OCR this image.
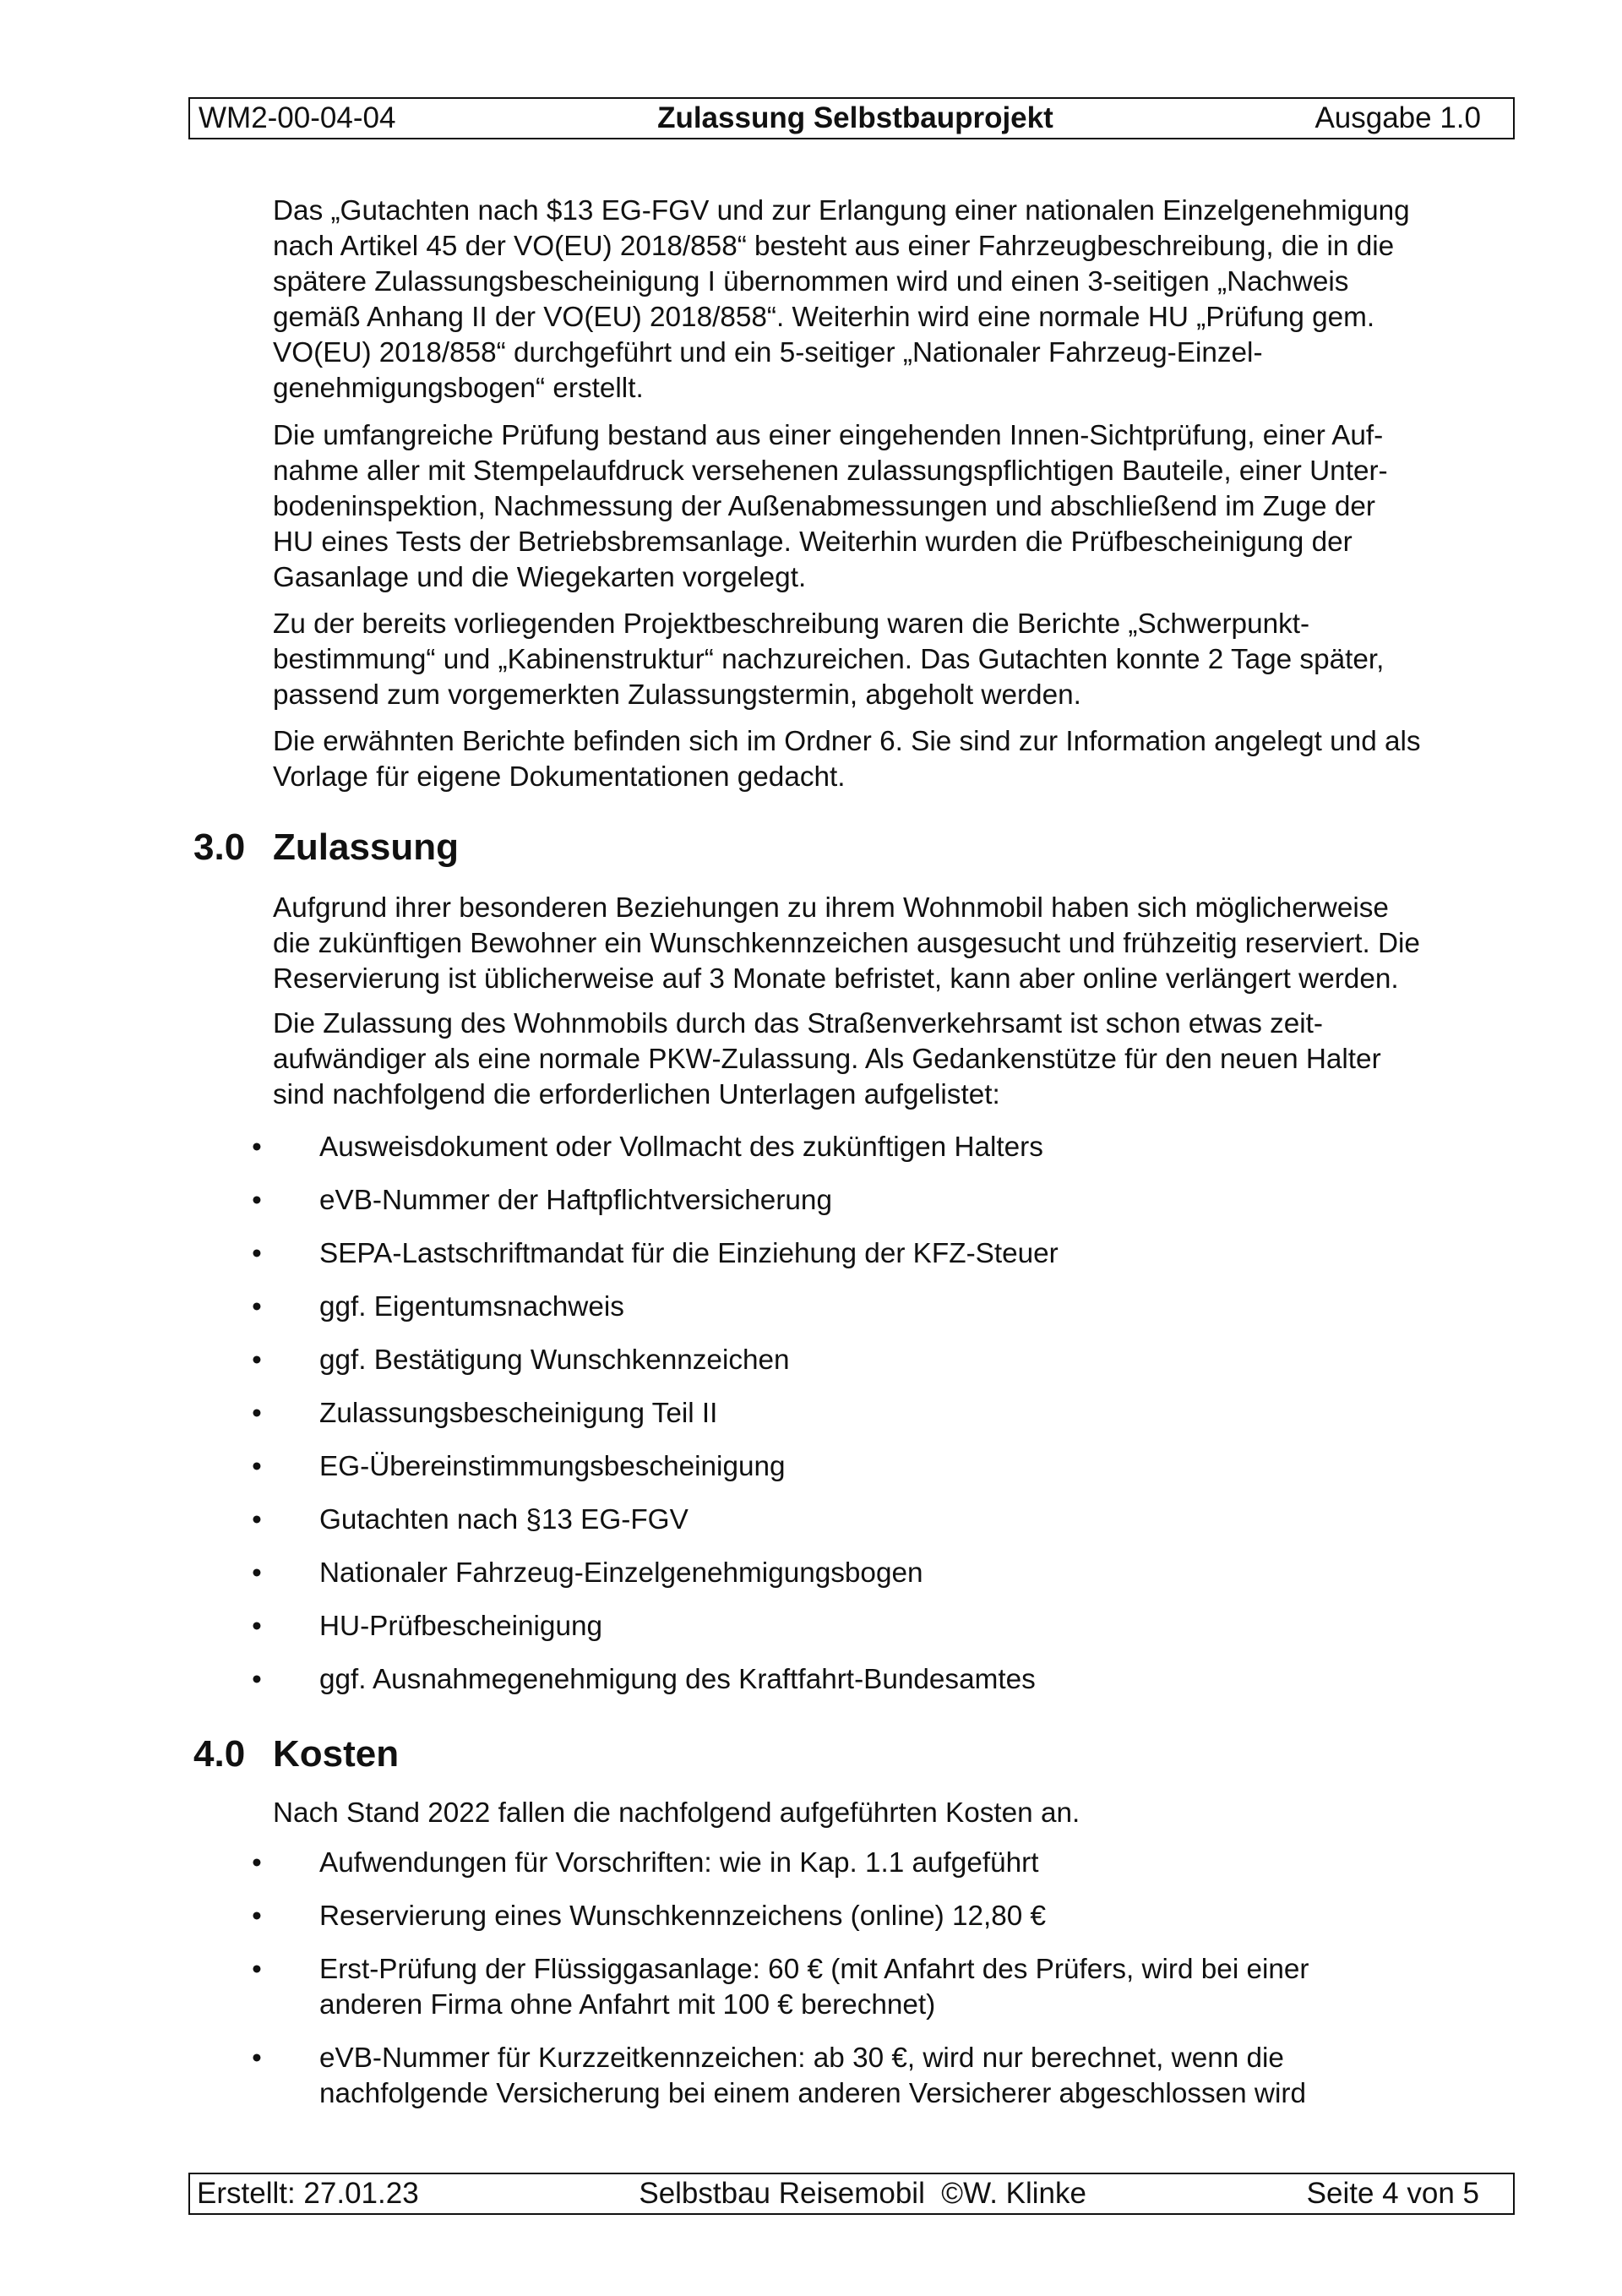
WM2-00-04-04	Zulassung Selbstbauprojekt	Ausgabe 1.0

Das „Gutachten nach $13 EG-FGV und zur Erlangung einer nationalen Einzelgenehmigung
nach Artikel 45 der VO(EU) 2018/858“ besteht aus einer Fahrzeugbeschreibung, die in die
spätere Zulassungsbescheinigung I übernommen wird und einen 3-seitigen „Nachweis
gemäß Anhang II der VO(EU) 2018/858“. Weiterhin wird eine normale HU „Prüfung gem.
VO(EU) 2018/858“ durchgeführt und ein 5-seitiger „Nationaler Fahrzeug-Einzel-
genehmigungsbogen“ erstellt.

Die umfangreiche Prüfung bestand aus einer eingehenden Innen-Sichtprüfung, einer Auf-
nahme aller mit Stempelaufdruck versehenen zulassungspflichtigen Bauteile, einer Unter-
bodeninspektion, Nachmessung der Außenabmessungen und abschließend im Zuge der
HU eines Tests der Betriebsbremsanlage. Weiterhin wurden die Prüfbescheinigung der
Gasanlage und die Wiegekarten vorgelegt.

Zu der bereits vorliegenden Projektbeschreibung waren die Berichte „Schwerpunkt-
bestimmung“ und „Kabinenstruktur“ nachzureichen. Das Gutachten konnte 2 Tage später,
passend zum vorgemerkten Zulassungstermin, abgeholt werden.

Die erwähnten Berichte befinden sich im Ordner 6. Sie sind zur Information angelegt und als
Vorlage für eigene Dokumentationen gedacht.

3.0 Zulassung

Aufgrund ihrer besonderen Beziehungen zu ihrem Wohnmobil haben sich möglicherweise
die zukünftigen Bewohner ein Wunschkennzeichen ausgesucht und frühzeitig reserviert. Die
Reservierung ist üblicherweise auf 3 Monate befristet, kann aber online verlängert werden.

Die Zulassung des Wohnmobils durch das Straßenverkehrsamt ist schon etwas zeit-
aufwändiger als eine normale PKW-Zulassung. Als Gedankenstütze für den neuen Halter
sind nachfolgend die erforderlichen Unterlagen aufgelistet:

• Ausweisdokument oder Vollmacht des zukünftigen Halters
• eVB-Nummer der Haftpflichtversicherung
• SEPA-Lastschriftmandat für die Einziehung der KFZ-Steuer
• ggf. Eigentumsnachweis
• ggf. Bestätigung Wunschkennzeichen
• Zulassungsbescheinigung Teil II
• EG-Übereinstimmungsbescheinigung
• Gutachten nach §13 EG-FGV
• Nationaler Fahrzeug-Einzelgenehmigungsbogen
• HU-Prüfbescheinigung
• ggf. Ausnahmegenehmigung des Kraftfahrt-Bundesamtes
4.0 Kosten

Nach Stand 2022 fallen die nachfolgend aufgeführten Kosten an.

• Aufwendungen für Vorschriften: wie in Kap. 1.1 aufgeführt
• Reservierung eines Wunschkennzeichens (online) 12,80 €
• Erst-Prüfung der Flüssiggasanlage: 60 € (mit Anfahrt des Prüfers, wird bei einer
anderen Firma ohne Anfahrt mit 100 € berechnet)
• eVB-Nummer für Kurzzeitkennzeichen: ab 30 €, wird nur berechnet, wenn die
nachfolgende Versicherung bei einem anderen Versicherer abgeschlossen wird
Erstellt: 27.01.23	Selbstbau Reisemobil  ©W. Klinke	Seite 4 von 5
